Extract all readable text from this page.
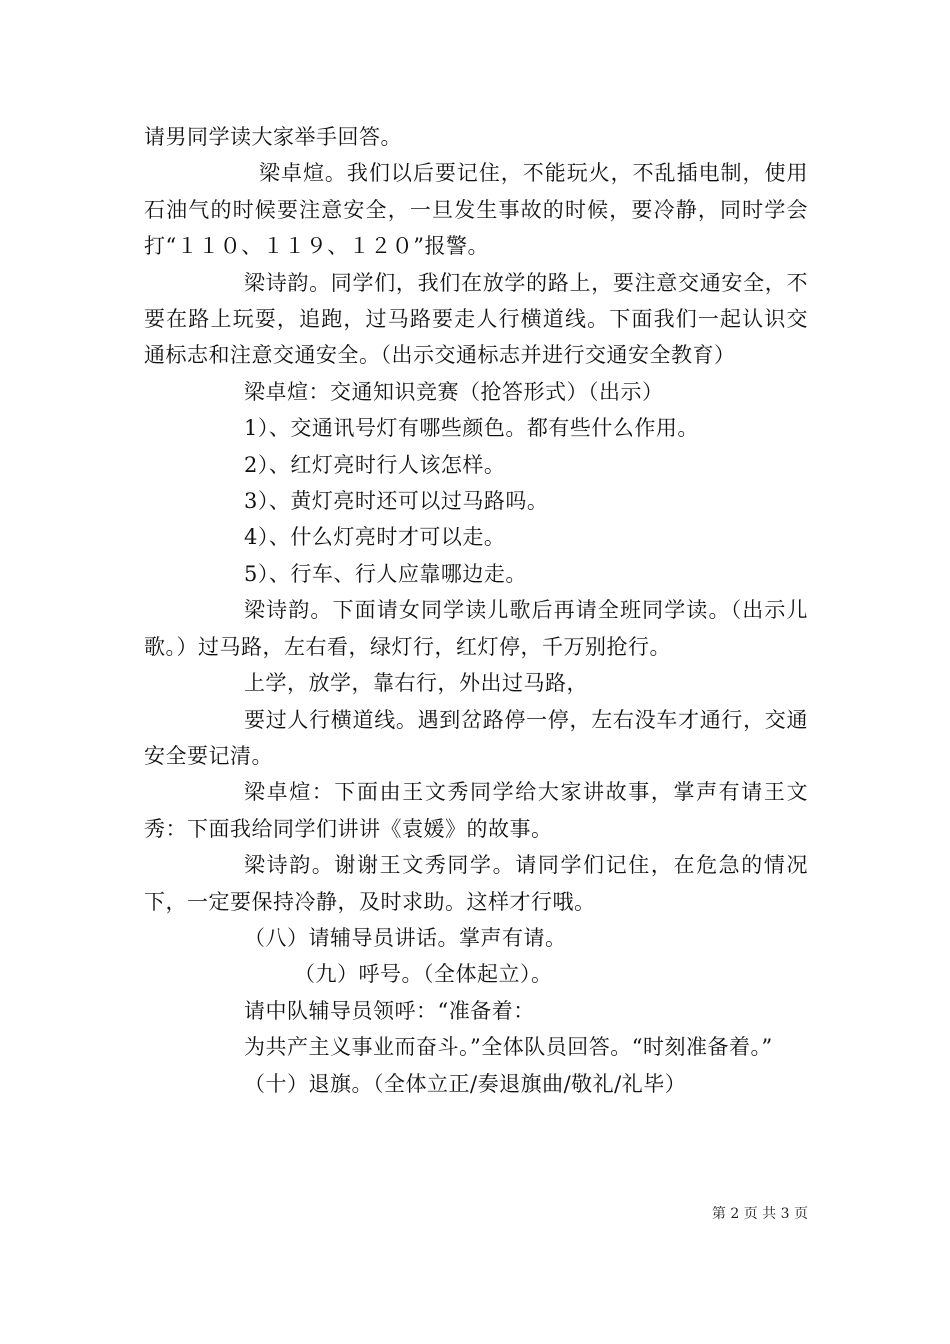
请男同学读大家举手回答。

梁卓煊。我们以后要记住，不能玩火，不乱插电制，使用石油气的时候要注意安全，一旦发生事故的时候，要冷静，同时学会打“１１０、１１９、１２０”报警。

梁诗韵。同学们，我们在放学的路上，要注意交通安全，不要在路上玩耍，追跑，过马路要走人行横道线。下面我们一起认识交通标志和注意交通安全。（出示交通标志并进行交通安全教育）

梁卓煊：交通知识竞赛（抢答形式）（出示）

1）、交通讯号灯有哪些颜色。都有些什么作用。

2）、红灯亮时行人该怎样。

3）、黄灯亮时还可以过马路吗。

4）、什么灯亮时才可以走。

5）、行车、行人应靠哪边走。

梁诗韵。下面请女同学读儿歌后再请全班同学读。（出示儿歌。）过马路，左右看，绿灯行，红灯停，千万别抢行。

上学，放学，靠右行，外出过马路，

要过人行横道线。遇到岔路停一停，左右没车才通行，交通安全要记清。

梁卓煊：下面由王文秀同学给大家讲故事，掌声有请王文秀：下面我给同学们讲讲《袁媛》的故事。

梁诗韵。谢谢王文秀同学。请同学们记住，在危急的情况下，一定要保持冷静，及时求助。这样才行哦。

（八）请辅导员讲话。掌声有请。

（九）呼号。（全体起立）。

请中队辅导员领呼：“准备着：

为共产主义事业而奋斗。”全体队员回答。“时刻准备着。”

（十）退旗。（全体立正/奏退旗曲/敬礼/礼毕）

第 2 页 共 3 页
